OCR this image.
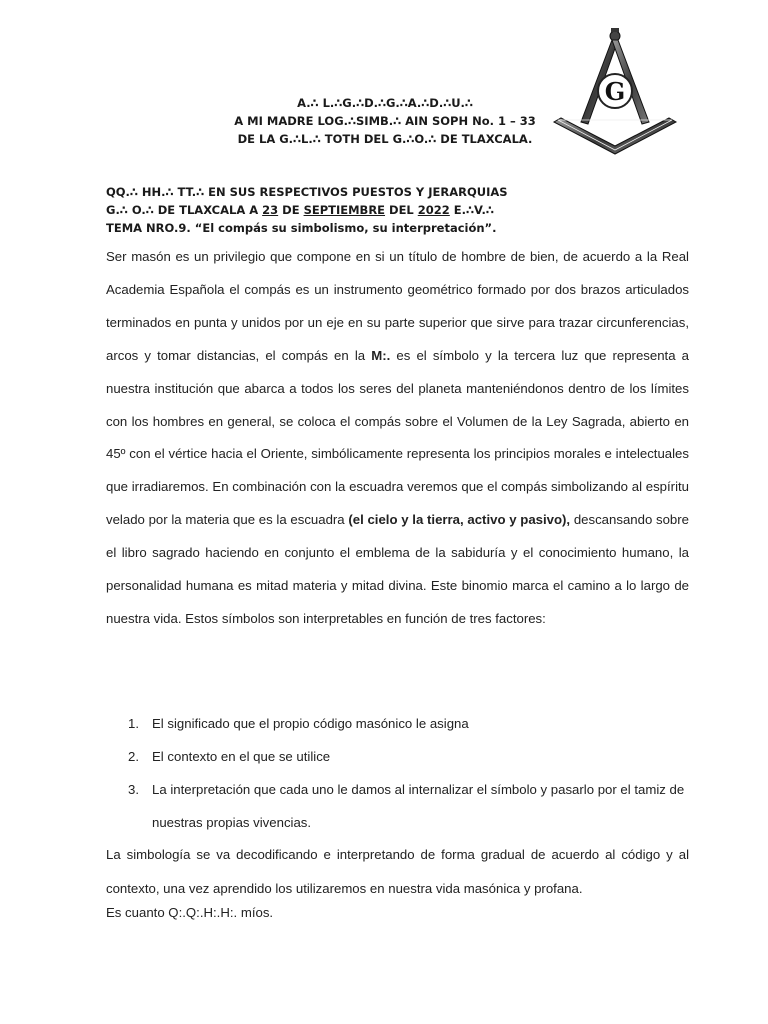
A.∴ L.∴G.∴D.∴G.∴A.∴D.∴U.∴
A MI MADRE LOG.∴SIMB.∴ AIN SOPH No. 1 – 33
DE LA G.∴L.∴ TOTH DEL G.∴O.∴ DE TLAXCALA.
G
QQ.∴ HH.∴ TT.∴ EN SUS RESPECTIVOS PUESTOS Y JERARQUIAS
G.∴ O.∴ DE TLAXCALA A 23 DE SEPTIEMBRE DEL 2022 E.∴V.∴
TEMA NRO.9. “El compás su simbolismo, su interpretación”.
Ser masón es un privilegio que compone en si un título de hombre de bien, de acuerdo a la Real Academia Española el compás es un instrumento geométrico formado por dos brazos articulados terminados en punta y unidos por un eje en su parte superior que sirve para trazar circunferencias, arcos y tomar distancias, el compás en la M:. es el símbolo y la tercera luz que representa a nuestra institución que abarca a todos los seres del planeta manteniéndonos dentro de los límites con los hombres en general, se coloca el compás sobre el Volumen de la Ley Sagrada, abierto en 45º con el vértice hacia el Oriente, simbólicamente representa los principios morales e intelectuales que irradiaremos. En combinación con la escuadra veremos que el compás simbolizando al espíritu velado por la materia que es la escuadra (el cielo y la tierra, activo y pasivo), descansando sobre el libro sagrado haciendo en conjunto el emblema de la sabiduría y el conocimiento humano, la personalidad humana es mitad materia y mitad divina. Este binomio marca el camino a lo largo de nuestra vida. Estos símbolos son interpretables en función de tres factores:
1. El significado que el propio código masónico le asigna
2. El contexto en el que se utilice
3. La interpretación que cada uno le damos al internalizar el símbolo y pasarlo por el tamiz de nuestras propias vivencias.
La simbología se va decodificando e interpretando de forma gradual de acuerdo al código y al contexto, una vez aprendido los utilizaremos en nuestra vida masónica y profana.
Es cuanto Q:.Q:.H:.H:. míos.
